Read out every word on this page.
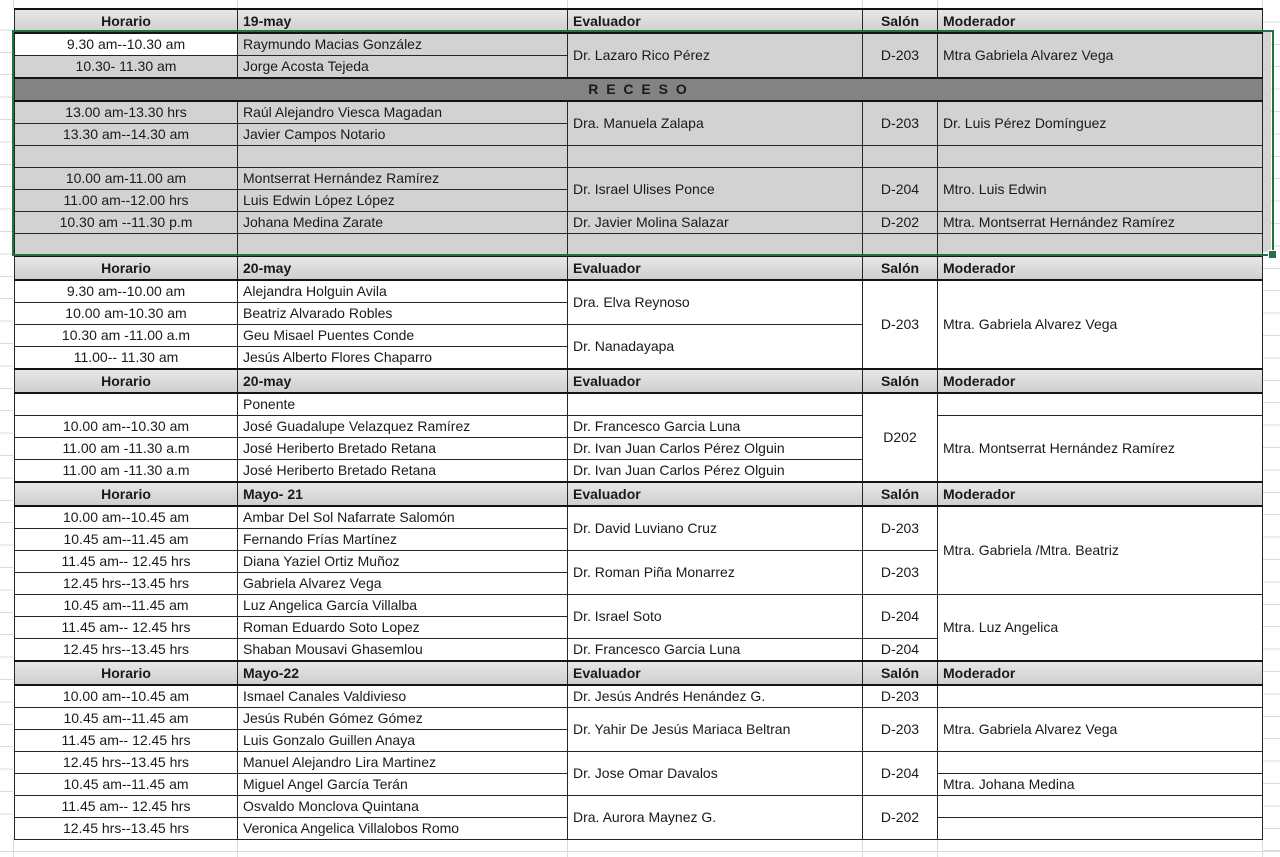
Horario	19-may	Evaluador	Salón	Moderador
9.30 am--10.30 am	Raymundo Macias González	Dr. Lazaro Rico Pérez	D-203	Mtra Gabriela Alvarez Vega
10.30- 11.30 am	Jorge Acosta Tejeda			
R E C E S O				
13.00 am-13.30 hrs	Raúl Alejandro Viesca Magadan	Dra. Manuela Zalapa	D-203	Dr. Luis Pérez Domínguez
13.30 am--14.30 am	Javier Campos Notario			

10.00 am-11.00 am	Montserrat Hernández Ramírez	Dr. Israel Ulises Ponce	D-204	Mtro. Luis Edwin
11.00 am--12.00 hrs	Luis Edwin López López			
10.30 am --11.30 p.m	Johana Medina Zarate	Dr. Javier Molina Salazar	D-202	Mtra. Montserrat Hernández Ramírez

Horario	20-may	Evaluador	Salón	Moderador
9.30 am--10.00 am	Alejandra Holguin Avila	Dra. Elva Reynoso	D-203	Mtra. Gabriela Alvarez Vega
10.00 am-10.30 am	Beatriz Alvarado Robles			
10.30 am -11.00 a.m	Geu Misael Puentes Conde	Dr. Nanadayapa		
11.00-- 11.30 am	Jesús Alberto Flores Chaparro			
Horario	20-may	Evaluador	Salón	Moderador
	Ponente		D202	
10.00 am--10.30 am	José Guadalupe Velazquez Ramírez	Dr. Francesco Garcia Luna		Mtra. Montserrat Hernández Ramírez
11.00 am -11.30 a.m	José Heriberto Bretado Retana	Dr. Ivan Juan Carlos Pérez Olguin		
11.00 am -11.30 a.m	José Heriberto Bretado Retana	Dr. Ivan Juan Carlos Pérez Olguin		
Horario	Mayo- 21	Evaluador	Salón	Moderador
10.00 am--10.45 am	Ambar Del Sol Nafarrate Salomón	Dr. David Luviano Cruz	D-203	Mtra. Gabriela /Mtra. Beatriz
10.45 am--11.45 am	Fernando Frías Martínez			
11.45 am-- 12.45 hrs	Diana Yaziel Ortiz Muñoz	Dr. Roman Piña Monarrez	D-203	
12.45 hrs--13.45 hrs	Gabriela Alvarez Vega			
10.45 am--11.45 am	Luz Angelica García Villalba	Dr. Israel Soto	D-204	Mtra. Luz Angelica
11.45 am-- 12.45 hrs	Roman Eduardo Soto Lopez			
12.45 hrs--13.45 hrs	Shaban Mousavi Ghasemlou	Dr. Francesco Garcia Luna	D-204	
Horario	Mayo-22	Evaluador	Salón	Moderador
10.00 am--10.45 am	Ismael Canales Valdivieso	Dr. Jesús Andrés Henández G.	D-203	
10.45 am--11.45 am	Jesús Rubén Gómez Gómez	Dr. Yahir De Jesús Mariaca Beltran	D-203	Mtra. Gabriela Alvarez Vega
11.45 am-- 12.45 hrs	Luis Gonzalo Guillen Anaya			
12.45 hrs--13.45 hrs	Manuel Alejandro Lira Martinez	Dr. Jose Omar Davalos	D-204	
10.45 am--11.45 am	Miguel Angel García Terán			Mtra. Johana Medina
11.45 am-- 12.45 hrs	Osvaldo Monclova Quintana	Dra. Aurora Maynez G.	D-202	
12.45 hrs--13.45 hrs	Veronica Angelica Villalobos Romo			
